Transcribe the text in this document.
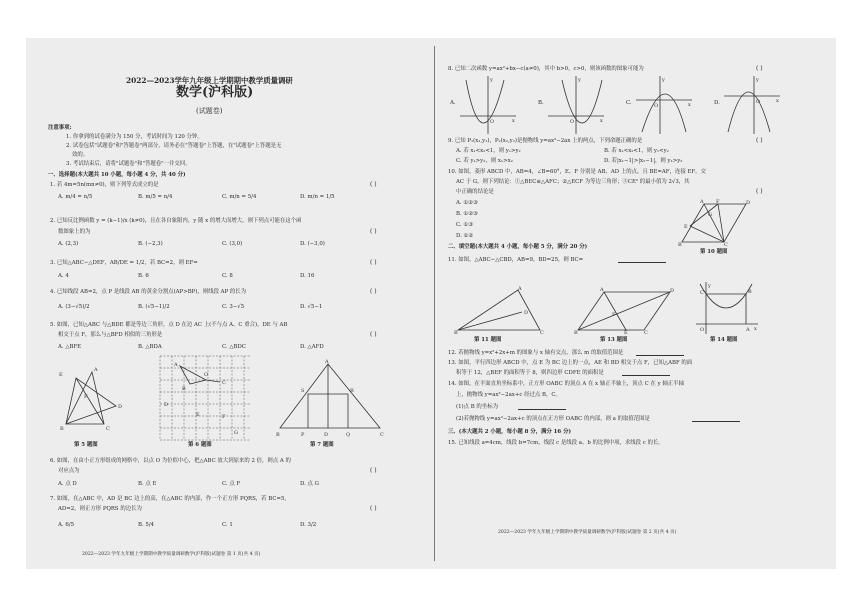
2022—2023学年九年级上学期期中教学质量调研
数学(沪科版)
(试题卷)
注意事项:
1. 你拿到的试卷满分为 150 分，考试时间为 120 分钟。
2. 试卷包括"试题卷"和"答题卷"两部分，请务必在"答题卷"上答题，在"试题卷"上答题是无
效的。
3. 考试结束后，请将"试题卷"和"答题卷"一并交回。
一、选择题(本大题共 10 小题，每小题 4 分，共 40 分)
1. 若 4m=5n(mn≠0)，则下列等式成立的是	( )
A. m/4 = n/5	B. m/5 = n/4	C. m/n = 5/4	D. m/n = 1/5
2. 已知反比例函数 y = (k−1)/x (k≠0)，且在各自象限内，y 随 x 的增大而增大，则下列点可能在这个函
数图象上的为	( )
A. (2,3)	B. (−2,3)	C. (3,0)	D. (−3,0)
3. 已知△ABC∽△DEF，AB/DE = 1/2，若 BC=2，则 EF=	( )
A. 4	B. 6	C. 8	D. 16
4. 已知线段 AB=2，点 P 是线段 AB 的黄金分割点(AP>BP)，则线段 AP 的长为	( )
A. (3−√5)/2	B. (√5−1)/2	C. 3−√5	D. √5−1
5. 如图，已知△ABC 与△BDE 都是等边三角形，点 D 在边 AC 上(不与点 A、C 重合)，DE 与 AB
相交于点 F，那么与△BFD 相似的三角形是	( )
A. △BFE	B. △BDA	C. △BDC	D. △AFD
E
A
D
B	C
F
第 5 题图
A
O
B
C
D
E	F
G
第 6 题图
A
B	C
P	D	Q
S	R
第 7 题图
6. 如图，在由小正方形组成的网格中，以点 O 为位似中心，把△ABC 放大到原来的 2 倍，则点 A 的
对应点为	( )
A. 点 D	B. 点 E	C. 点 F	D. 点 G
7. 如图，在△ABC 中，AD 是 BC 边上的高，在△ABC 的内部，作一个正方形 PQRS，若 BC=5，
AD=2，则正方形 PQRS 的边长为	( )
A. 6/5	B. 5/4	C. 1	D. 3/2
2022—2023 学年九年级上学期期中教学质量调研数学(沪科版)试题卷 第 1 页(共 4 页)
8. 已知二次函数 y=ax²+bx−c(a≠0)，其中 b>0，c>0，则该函数的图象可能为	( )
A.
O	x
y
B.
O	x
y
C.	O	x
y
D.	O	x
y
9. 已知 P₁(x₁,y₁)，P₂(x₂,y₂)是抛物线 y=ax²−2ax 上的两点，下列命题正确的是	( )
A. 若 x₁<x₂<1，则 y₁>y₂	B. 若 x₁<x₂<1，则 y₁<y₂
C. 若 y₁>y₂，则 x₁>x₂	D. 若|x₁−1|>|x₂−1|，则 y₁>y₂
10. 如图，菱形 ABCD 中，AB=4，∠B=60°，E、F 分别是 AB、AD 上的点，且 BE=AF，连接 EF，交
AC 于 G，则下列结论：①△BEC≌△AFC；②△ECF 为等边三角形；③CE² 的最小值为 2√3，其
中正确的结论是	( )
A. ①②③
B. ①②③
C. ①③
D. ①②
A F	D
B	C
E
G
第 10 题图
二、填空题(本大题共 4 小题，每小题 5 分，满分 20 分)
11. 如图，△ABC∽△CBD，AB=9，BD=25，则 BC=
A
D
B	C
第 11 题图
A	D
B	E	C
F
第 13 题图
C	B
O	A x
y
第 14 题图
12. 若抛物线 y=x²+2x+m 的图象与 x 轴有交点，那么 m 的取值范围是
13. 如图，平行四边形 ABCD 中，点 E 为 BC 边上的一点，AE 和 BD 相交于点 F，已知△ABF 的面
积等于 12，△BEF 的面积等于 8，则四边形 CDFE 的面积是
14. 如图，在平面直角坐标系中，正方形 OABC 的顶点 A 在 x 轴正半轴上，顶点 C 在 y 轴正半轴
上，抛物线 y=ax²−2ax+c 经过点 B，C。
(1)点 B 的坐标为
(2)若抛物线 y=ax²−2ax+c 的顶点在正方形 OABC 的内部，则 a 的取值范围是
三、(本大题共 2 小题，每小题 8 分，满分 16 分)
15. 已知线段 a=4cm，线段 b=7cm，线段 c 是线段 a、b 的比例中项，求线段 c 的长。
2022—2023 学年九年级上学期期中教学质量调研数学(沪科版)试题卷 第 2 页(共 4 页)
